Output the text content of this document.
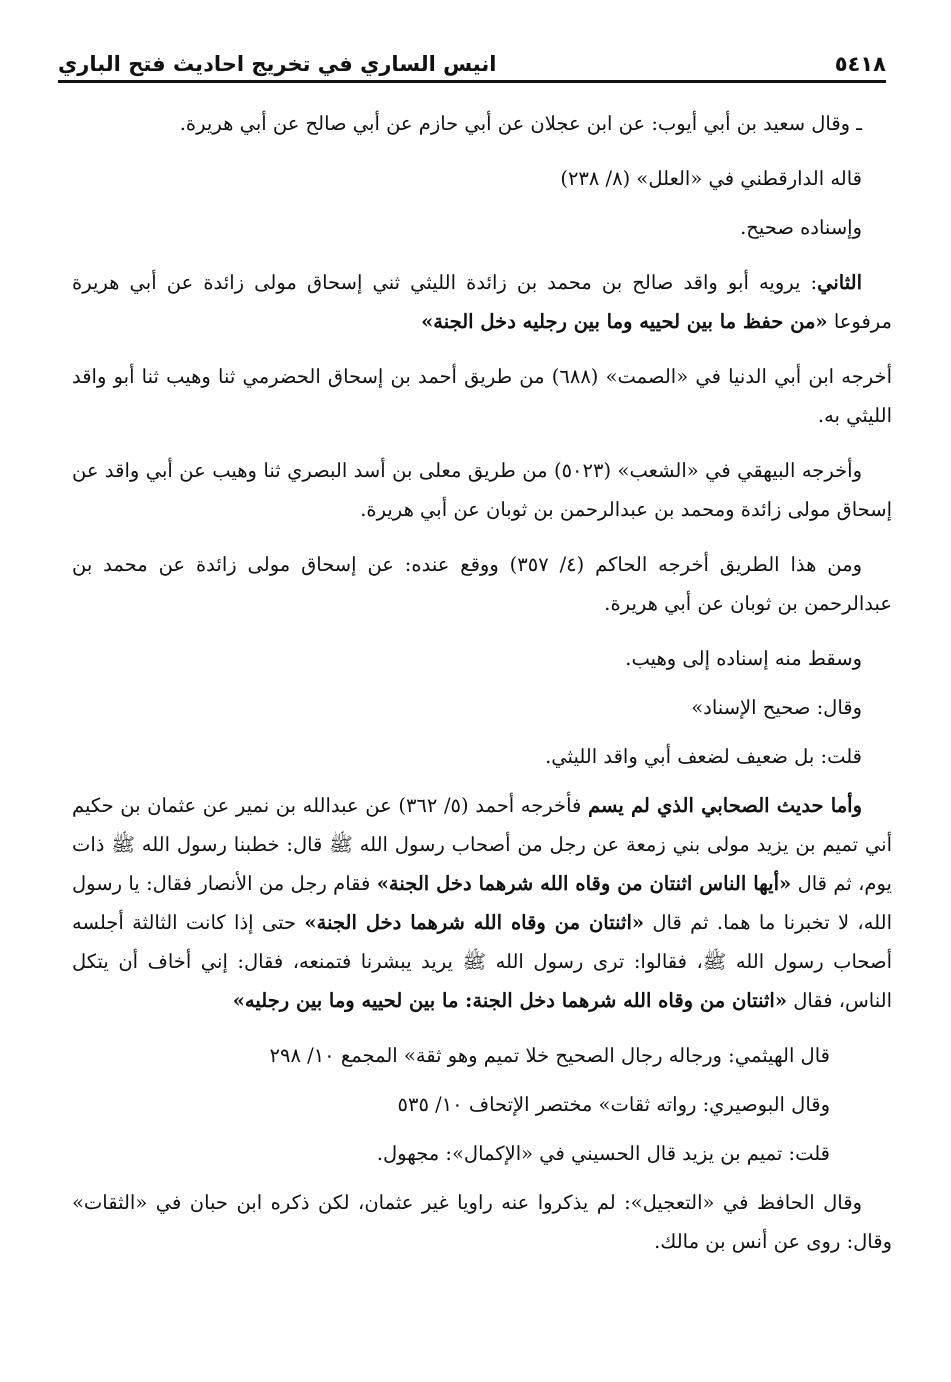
٥٤١٨
انيس الساري في تخريج احاديث فتح الباري

ـ وقال سعيد بن أبي أيوب: عن ابن عجلان عن أبي حازم عن أبي صالح عن أبي هريرة.

قاله الدارقطني في «العلل» (٨/ ٢٣٨)

وإسناده صحيح.

الثاني: يرويه أبو واقد صالح بن محمد بن زائدة الليثي ثني إسحاق مولى زائدة عن أبي هريرة مرفوعا «من حفظ ما بين لحييه وما بين رجليه دخل الجنة»

أخرجه ابن أبي الدنيا في «الصمت» (٦٨٨) من طريق أحمد بن إسحاق الحضرمي ثنا وهيب ثنا أبو واقد الليثي به.

وأخرجه البيهقي في «الشعب» (٥٠٢٣) من طريق معلى بن أسد البصري ثنا وهيب عن أبي واقد عن إسحاق مولى زائدة ومحمد بن عبدالرحمن بن ثوبان عن أبي هريرة.

ومن هذا الطريق أخرجه الحاكم (٤/ ٣٥٧) ووقع عنده: عن إسحاق مولى زائدة عن محمد بن عبدالرحمن بن ثوبان عن أبي هريرة.

وسقط منه إسناده إلى وهيب.

وقال: صحيح الإسناد»

قلت: بل ضعيف لضعف أبي واقد الليثي.

وأما حديث الصحابي الذي لم يسم فأخرجه أحمد (٥/ ٣٦٢) عن عبدالله بن نمير عن عثمان بن حكيم أني تميم بن يزيد مولى بني زمعة عن رجل من أصحاب رسول الله ﷺ قال: خطبنا رسول الله ﷺ ذات يوم، ثم قال «أيها الناس اثنتان من وقاه الله شرهما دخل الجنة» فقام رجل من الأنصار فقال: يا رسول الله، لا تخبرنا ما هما. ثم قال «اثنتان من وقاه الله شرهما دخل الجنة» حتى إذا كانت الثالثة أجلسه أصحاب رسول الله ﷺ، فقالوا: ترى رسول الله ﷺ يريد يبشرنا فتمنعه، فقال: إني أخاف أن يتكل الناس، فقال «اثنتان من وقاه الله شرهما دخل الجنة: ما بين لحييه وما بين رجليه»

قال الهيثمي: ورجاله رجال الصحيح خلا تميم وهو ثقة» المجمع ١٠/ ٢٩٨

وقال البوصيري: رواته ثقات» مختصر الإتحاف ١٠/ ٥٣٥

قلت: تميم بن يزيد قال الحسيني في «الإكمال»: مجهول.

وقال الحافظ في «التعجيل»: لم يذكروا عنه راويا غير عثمان، لكن ذكره ابن حبان في «الثقات» وقال: روى عن أنس بن مالك.
